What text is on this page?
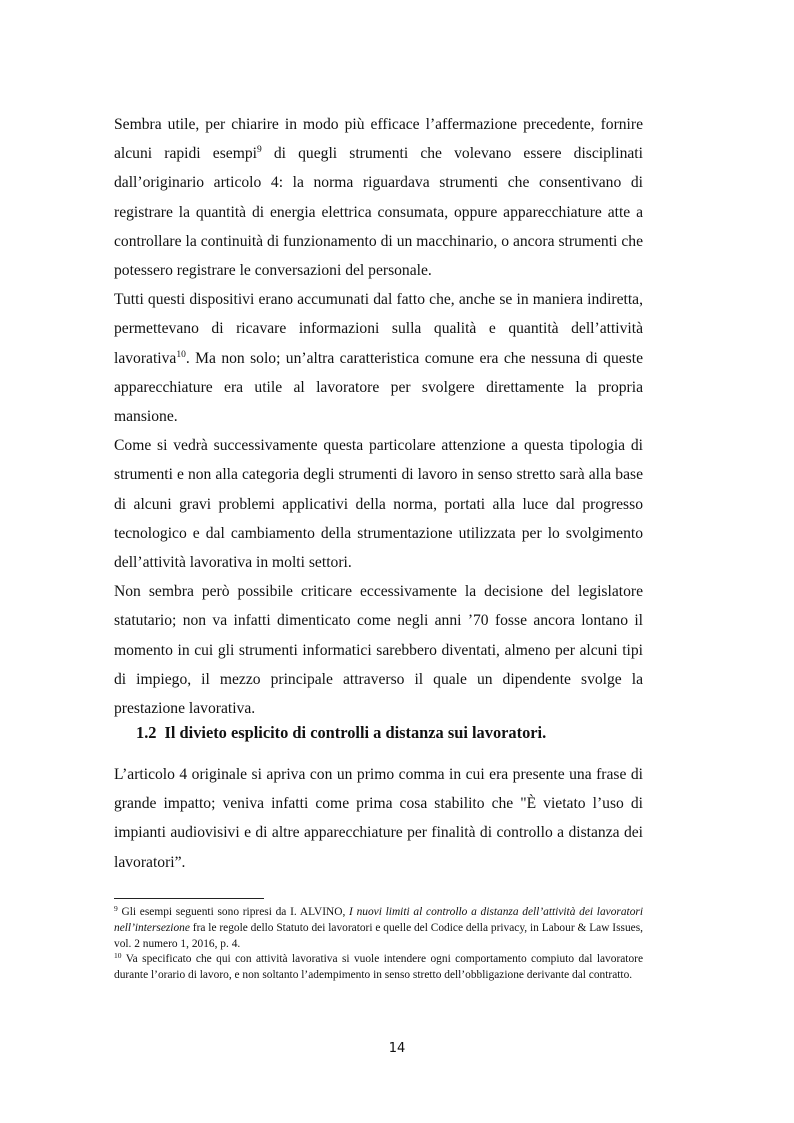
Sembra utile, per chiarire in modo più efficace l’affermazione precedente, fornire alcuni rapidi esempi$^9$ di quegli strumenti che volevano essere disciplinati dall’originario articolo 4: la norma riguardava strumenti che consentivano di registrare la quantità di energia elettrica consumata, oppure apparecchiature atte a controllare la continuità di funzionamento di un macchinario, o ancora strumenti che potessero registrare le conversazioni del personale.

Tutti questi dispositivi erano accumunati dal fatto che, anche se in maniera indiretta, permettevano di ricavare informazioni sulla qualità e quantità dell’attività lavorativa$^{10}$. Ma non solo; un’altra caratteristica comune era che nessuna di queste apparecchiature era utile al lavoratore per svolgere direttamente la propria mansione.

Come si vedrà successivamente questa particolare attenzione a questa tipologia di strumenti e non alla categoria degli strumenti di lavoro in senso stretto sarà alla base di alcuni gravi problemi applicativi della norma, portati alla luce dal progresso tecnologico e dal cambiamento della strumentazione utilizzata per lo svolgimento dell’attività lavorativa in molti settori.

Non sembra però possibile criticare eccessivamente la decisione del legislatore statutario; non va infatti dimenticato come negli anni ’70 fosse ancora lontano il momento in cui gli strumenti informatici sarebbero diventati, almeno per alcuni tipi di impiego, il mezzo principale attraverso il quale un dipendente svolge la prestazione lavorativa.

1.2 Il divieto esplicito di controlli a distanza sui lavoratori.

L’articolo 4 originale si apriva con un primo comma in cui era presente una frase di grande impatto; veniva infatti come prima cosa stabilito che "È vietato l’uso di impianti audiovisivi e di altre apparecchiature per finalità di controllo a distanza dei lavoratori”.

$^9$ Gli esempi seguenti sono ripresi da I. ALVINO, I nuovi limiti al controllo a distanza dell’attività dei lavoratori nell’intersezione fra le regole dello Statuto dei lavoratori e quelle del Codice della privacy, in Labour & Law Issues, vol. 2 numero 1, 2016, p. 4.

$^{10}$ Va specificato che qui con attività lavorativa si vuole intendere ogni comportamento compiuto dal lavoratore durante l’orario di lavoro, e non soltanto l’adempimento in senso stretto dell’obbligazione derivante dal contratto.

14
